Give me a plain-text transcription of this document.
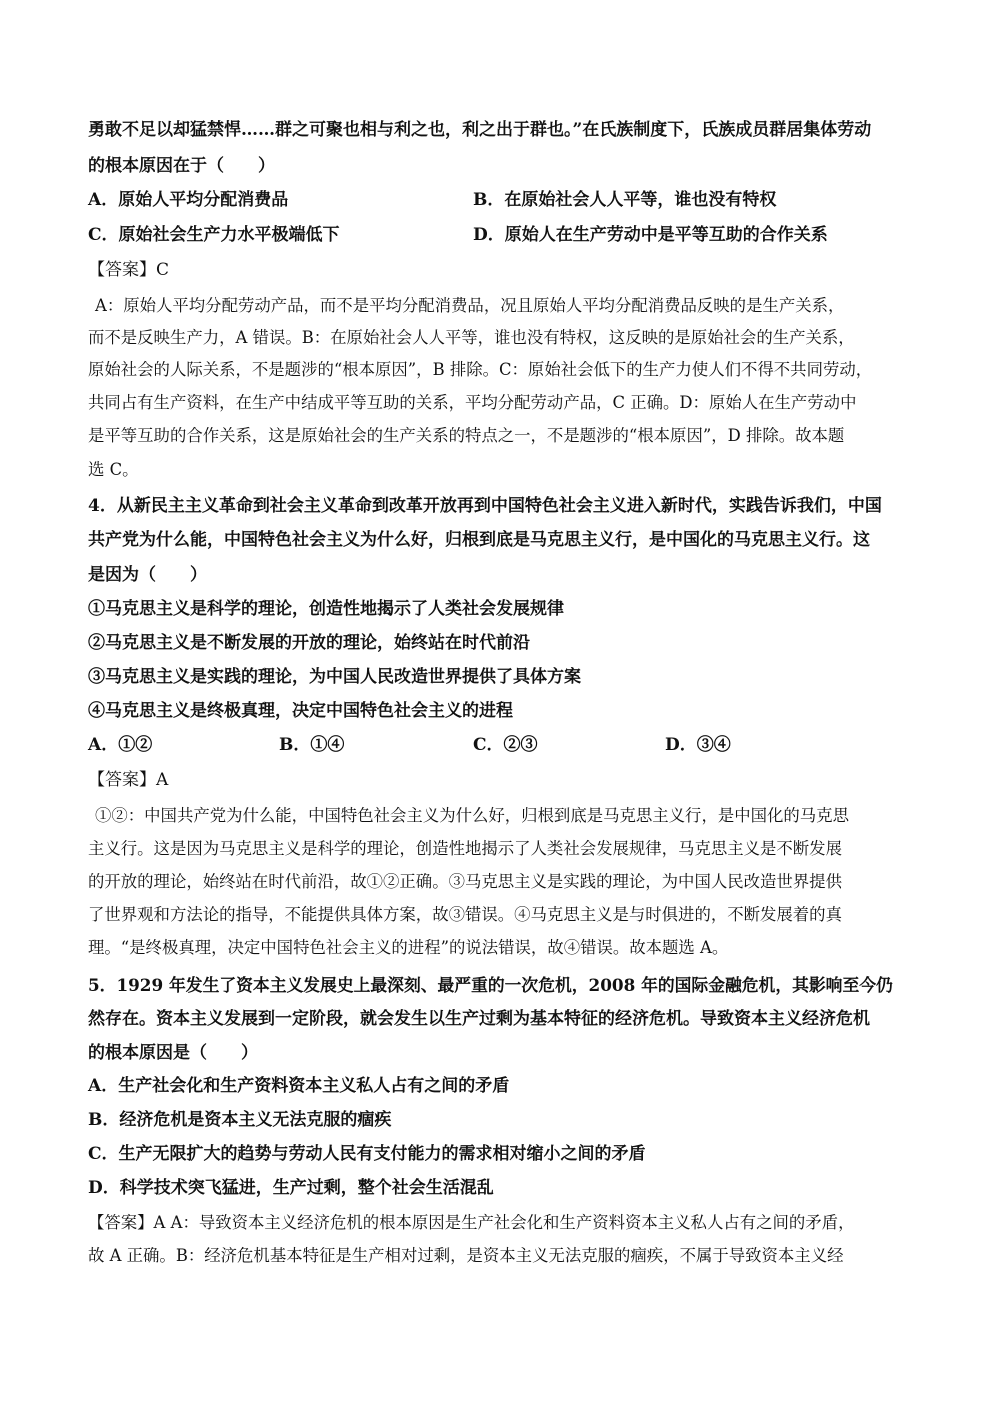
勇敢不足以却猛禁悍……群之可聚也相与利之也，利之出于群也。”在氏族制度下，氏族成员群居集体劳动
的根本原因在于（　　）
A．原始人平均分配消费品	B．在原始社会人人平等，谁也没有特权
C．原始社会生产力水平极端低下	D．原始人在生产劳动中是平等互助的合作关系
【答案】C
A：原始人平均分配劳动产品，而不是平均分配消费品，况且原始人平均分配消费品反映的是生产关系，
而不是反映生产力，A 错误。B：在原始社会人人平等，谁也没有特权，这反映的是原始社会的生产关系，
原始社会的人际关系，不是题涉的“根本原因”，B 排除。C：原始社会低下的生产力使人们不得不共同劳动，
共同占有生产资料，在生产中结成平等互助的关系，平均分配劳动产品，C 正确。D：原始人在生产劳动中
是平等互助的合作关系，这是原始社会的生产关系的特点之一，不是题涉的“根本原因”，D 排除。故本题
选 C。
4．从新民主主义革命到社会主义革命到改革开放再到中国特色社会主义进入新时代，实践告诉我们，中国
共产党为什么能，中国特色社会主义为什么好，归根到底是马克思主义行，是中国化的马克思主义行。这
是因为（　　）
①马克思主义是科学的理论，创造性地揭示了人类社会发展规律
②马克思主义是不断发展的开放的理论，始终站在时代前沿
③马克思主义是实践的理论，为中国人民改造世界提供了具体方案
④马克思主义是终极真理，决定中国特色社会主义的进程
A．①②	B．①④	C．②③	D．③④
【答案】A
①②：中国共产党为什么能，中国特色社会主义为什么好，归根到底是马克思主义行，是中国化的马克思
主义行。这是因为马克思主义是科学的理论，创造性地揭示了人类社会发展规律，马克思主义是不断发展
的开放的理论，始终站在时代前沿，故①②正确。③马克思主义是实践的理论，为中国人民改造世界提供
了世界观和方法论的指导，不能提供具体方案，故③错误。④马克思主义是与时俱进的，不断发展着的真
理。“是终极真理，决定中国特色社会主义的进程”的说法错误，故④错误。故本题选 A。
5．1929 年发生了资本主义发展史上最深刻、最严重的一次危机，2008 年的国际金融危机，其影响至今仍
然存在。资本主义发展到一定阶段，就会发生以生产过剩为基本特征的经济危机。导致资本主义经济危机
的根本原因是（　　）
A．生产社会化和生产资料资本主义私人占有之间的矛盾
B．经济危机是资本主义无法克服的痼疾
C．生产无限扩大的趋势与劳动人民有支付能力的需求相对缩小之间的矛盾
D．科学技术突飞猛进，生产过剩，整个社会生活混乱
【答案】A A：导致资本主义经济危机的根本原因是生产社会化和生产资料资本主义私人占有之间的矛盾，
故 A 正确。B：经济危机基本特征是生产相对过剩，是资本主义无法克服的痼疾，不属于导致资本主义经
